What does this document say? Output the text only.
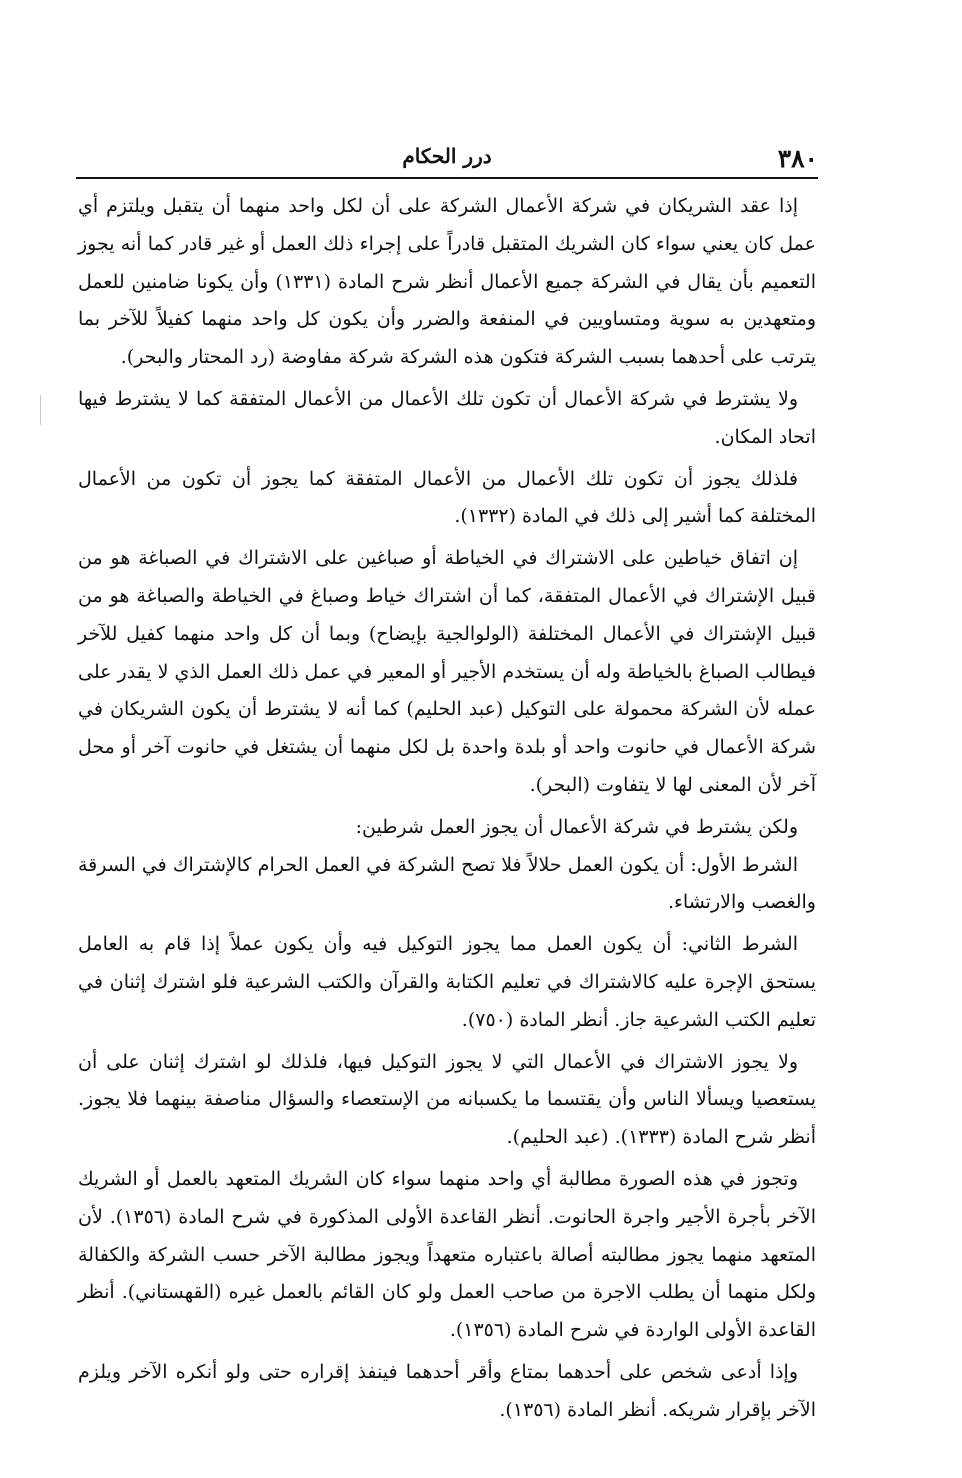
درر الحكام	٣٨٠

إذا عقد الشريكان في شركة الأعمال الشركة على أن لكل واحد منهما أن يتقبل ويلتزم أي عمل كان يعني سواء كان الشريك المتقبل قادراً على إجراء ذلك العمل أو غير قادر كما أنه يجوز التعميم بأن يقال في الشركة جميع الأعمال أنظر شرح المادة (١٣٣١) وأن يكونا ضامنين للعمل ومتعهدين به سوية ومتساويين في المنفعة والضرر وأن يكون كل واحد منهما كفيلاً للآخر بما يترتب على أحدهما بسبب الشركة فتكون هذه الشركة شركة مفاوضة (رد المحتار والبحر).

ولا يشترط في شركة الأعمال أن تكون تلك الأعمال من الأعمال المتفقة كما لا يشترط فيها اتحاد المكان.

فلذلك يجوز أن تكون تلك الأعمال من الأعمال المتفقة كما يجوز أن تكون من الأعمال المختلفة كما أشير إلى ذلك في المادة (١٣٣٢).

إن اتفاق خياطين على الاشتراك في الخياطة أو صباغين على الاشتراك في الصباغة هو من قبيل الإشتراك في الأعمال المتفقة، كما أن اشتراك خياط وصباغ في الخياطة والصباغة هو من قبيل الإشتراك في الأعمال المختلفة (الولوالجية بإيضاح) وبما أن كل واحد منهما كفيل للآخر فيطالب الصباغ بالخياطة وله أن يستخدم الأجير أو المعير في عمل ذلك العمل الذي لا يقدر على عمله لأن الشركة محمولة على التوكيل (عبد الحليم) كما أنه لا يشترط أن يكون الشريكان في شركة الأعمال في حانوت واحد أو بلدة واحدة بل لكل منهما أن يشتغل في حانوت آخر أو محل آخر لأن المعنى لها لا يتفاوت (البحر).

ولكن يشترط في شركة الأعمال أن يجوز العمل شرطين:

الشرط الأول: أن يكون العمل حلالاً فلا تصح الشركة في العمل الحرام كالإشتراك في السرقة والغصب والارتشاء.

الشرط الثاني: أن يكون العمل مما يجوز التوكيل فيه وأن يكون عملاً إذا قام به العامل يستحق الإجرة عليه كالاشتراك في تعليم الكتابة والقرآن والكتب الشرعية فلو اشترك إثنان في تعليم الكتب الشرعية جاز. أنظر المادة (٧٥٠).

ولا يجوز الاشتراك في الأعمال التي لا يجوز التوكيل فيها، فلذلك لو اشترك إثنان على أن يستعصيا ويسألا الناس وأن يقتسما ما يكسبانه من الإستعصاء والسؤال مناصفة بينهما فلا يجوز. أنظر شرح المادة (١٣٣٣). (عبد الحليم).

وتجوز في هذه الصورة مطالبة أي واحد منهما سواء كان الشريك المتعهد بالعمل أو الشريك الآخر بأجرة الأجير واجرة الحانوت. أنظر القاعدة الأولى المذكورة في شرح المادة (١٣٥٦). لأن المتعهد منهما يجوز مطالبته أصالة باعتباره متعهداً ويجوز مطالبة الآخر حسب الشركة والكفالة ولكل منهما أن يطلب الاجرة من صاحب العمل ولو كان القائم بالعمل غيره (القهستاني). أنظر القاعدة الأولى الواردة في شرح المادة (١٣٥٦).

وإذا أدعى شخص على أحدهما بمتاع وأقر أحدهما فينفذ إقراره حتى ولو أنكره الآخر ويلزم الآخر بإقرار شريكه. أنظر المادة (١٣٥٦).
